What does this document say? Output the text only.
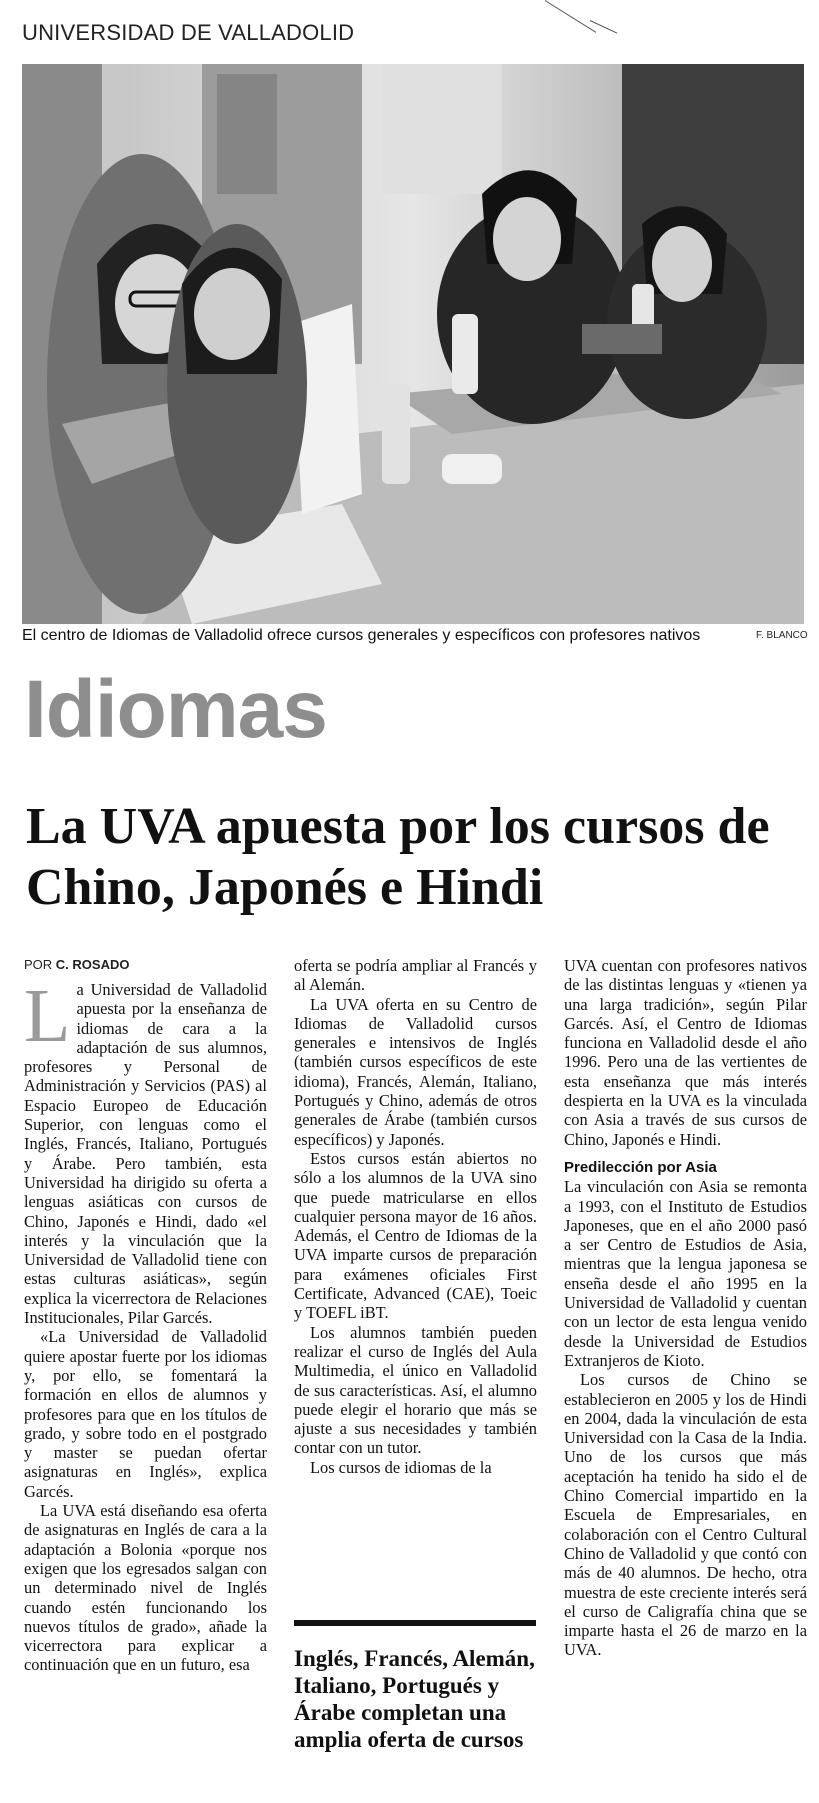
UNIVERSIDAD DE VALLADOLID
El centro de Idiomas de Valladolid ofrece cursos generales y específicos con profesores nativos	F. BLANCO
Idiomas
La UVA apuesta por los cursos de Chino, Japonés e Hindi
POR C. ROSADO

La Universidad de Valladolid apuesta por la enseñanza de idiomas de cara a la adaptación de sus alumnos, profesores y Personal de Administración y Servicios (PAS) al Espacio Europeo de Educación Superior, con lenguas como el Inglés, Francés, Italiano, Portugués y Árabe. Pero también, esta Universidad ha dirigido su oferta a lenguas asiáticas con cursos de Chino, Japonés e Hindi, dado «el interés y la vinculación que la Universidad de Valladolid tiene con estas culturas asiáticas», según explica la vicerrectora de Relaciones Institucionales, Pilar Garcés.

«La Universidad de Valladolid quiere apostar fuerte por los idiomas y, por ello, se fomentará la formación en ellos de alumnos y profesores para que en los títulos de grado, y sobre todo en el postgrado y master se puedan ofertar asignaturas en Inglés», explica Garcés.

La UVA está diseñando esa oferta de asignaturas en Inglés de cara a la adaptación a Bolonia «porque nos exigen que los egresados salgan con un determinado nivel de Inglés cuando estén funcionando los nuevos títulos de grado», añade la vicerrectora para explicar a continuación que en un futuro, esa

oferta se podría ampliar al Francés y al Alemán.

La UVA oferta en su Centro de Idiomas de Valladolid cursos generales e intensivos de Inglés (también cursos específicos de este idioma), Francés, Alemán, Italiano, Portugués y Chino, además de otros generales de Árabe (también cursos específicos) y Japonés.

Estos cursos están abiertos no sólo a los alumnos de la UVA sino que puede matricularse en ellos cualquier persona mayor de 16 años. Además, el Centro de Idiomas de la UVA imparte cursos de preparación para exámenes oficiales First Certificate, Advanced (CAE), Toeic y TOEFL iBT.

Los alumnos también pueden realizar el curso de Inglés del Aula Multimedia, el único en Valladolid de sus características. Así, el alumno puede elegir el horario que más se ajuste a sus necesidades y también contar con un tutor.

Los cursos de idiomas de la

UVA cuentan con profesores nativos de las distintas lenguas y «tienen ya una larga tradición», según Pilar Garcés. Así, el Centro de Idiomas funciona en Valladolid desde el año 1996. Pero una de las vertientes de esta enseñanza que más interés despierta en la UVA es la vinculada con Asia a través de sus cursos de Chino, Japonés e Hindi.

Predilección por Asia

La vinculación con Asia se remonta a 1993, con el Instituto de Estudios Japoneses, que en el año 2000 pasó a ser Centro de Estudios de Asia, mientras que la lengua japonesa se enseña desde el año 1995 en la Universidad de Valladolid y cuentan con un lector de esta lengua venido desde la Universidad de Estudios Extranjeros de Kioto.

Los cursos de Chino se establecieron en 2005 y los de Hindi en 2004, dada la vinculación de esta Universidad con la Casa de la India. Uno de los cursos que más aceptación ha tenido ha sido el de Chino Comercial impartido en la Escuela de Empresariales, en colaboración con el Centro Cultural Chino de Valladolid y que contó con más de 40 alumnos. De hecho, otra muestra de este creciente interés será el curso de Caligrafía china que se imparte hasta el 26 de marzo en la UVA.

Inglés, Francés, Alemán, Italiano, Portugués y Árabe completan una amplia oferta de cursos
